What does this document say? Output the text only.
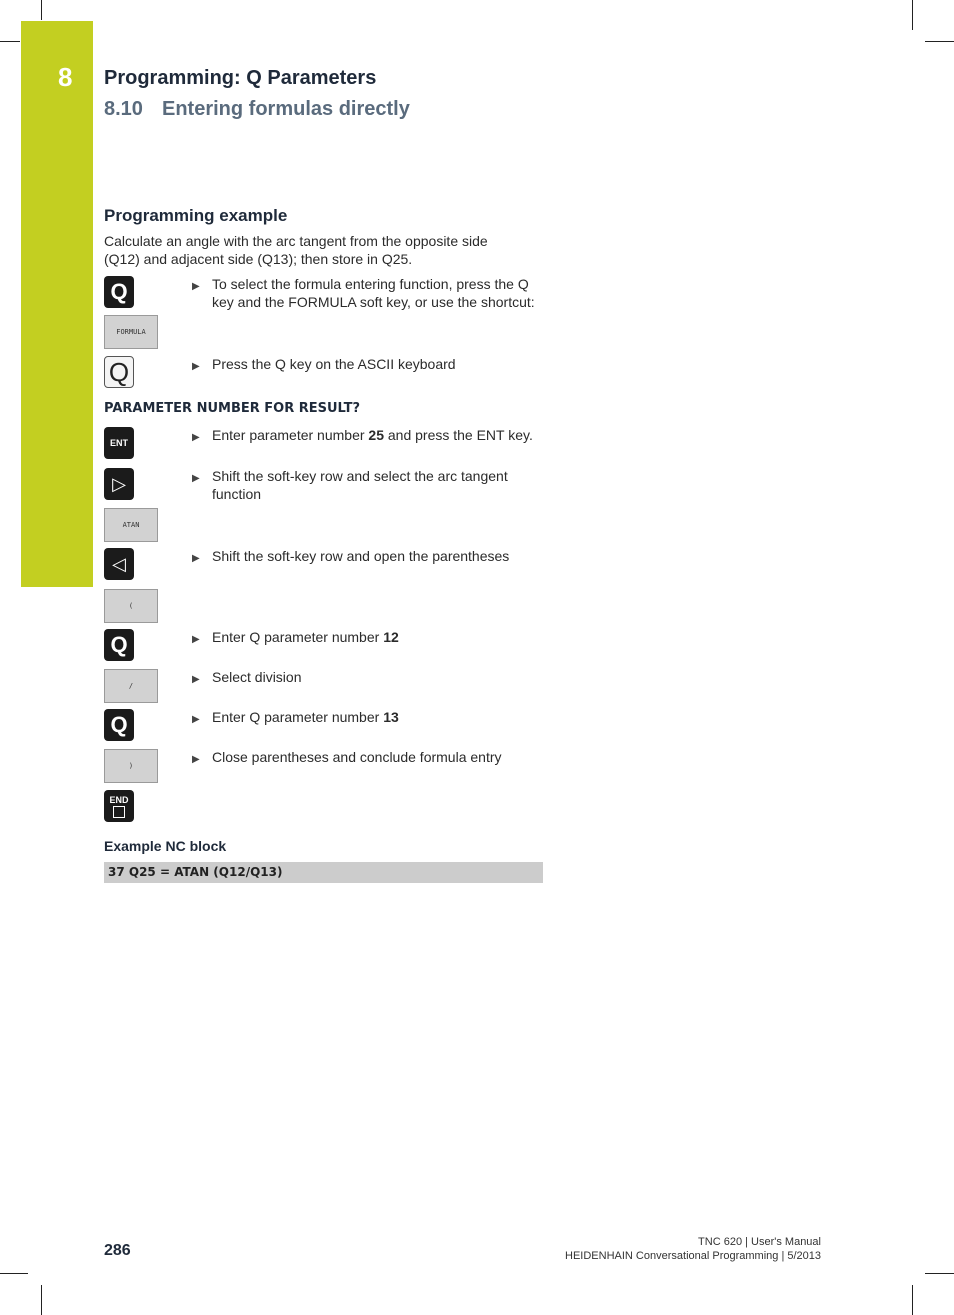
8 Programming: Q Parameters
8.10 Entering formulas directly
Programming example
Calculate an angle with the arc tangent from the opposite side (Q12) and adjacent side (Q13); then store in Q25.
Q
FORMULA
Q
PARAMETER NUMBER FOR RESULT?
ENT
▷
ATAN
◁
(
Q
/
Q
)
END
▶ To select the formula entering function, press the Q key and the FORMULA soft key, or use the shortcut:
▶ Press the Q key on the ASCII keyboard
▶ Enter parameter number 25 and press the ENT key.
▶ Shift the soft-key row and select the arc tangent function
▶ Shift the soft-key row and open the parentheses
▶ Enter Q parameter number 12
▶ Select division
▶ Enter Q parameter number 13
▶ Close parentheses and conclude formula entry
Example NC block
37 Q25 = ATAN (Q12/Q13)
286	TNC 620 | User's Manual
HEIDENHAIN Conversational Programming | 5/2013
